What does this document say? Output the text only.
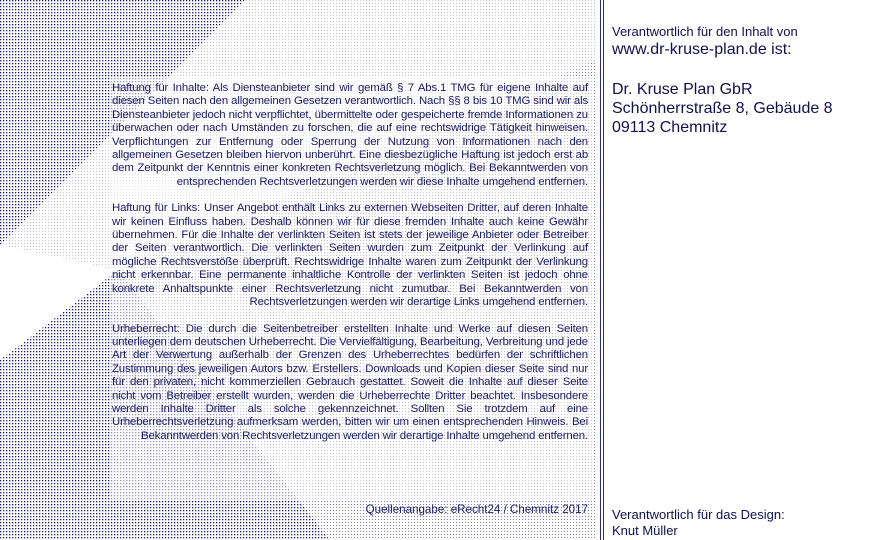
Haftung für Inhalte: Als Diensteanbieter sind wir gemäß § 7 Abs.1 TMG für eigene Inhalte auf diesen Seiten nach den allgemeinen Gesetzen verantwortlich. Nach §§ 8 bis 10 TMG sind wir als Diensteanbieter jedoch nicht verpflichtet, übermittelte oder gespeicherte fremde Informationen zu überwachen oder nach Umständen zu forschen, die auf eine rechtswidrige Tätigkeit hinweisen. Verpflichtungen zur Entfernung oder Sperrung der Nutzung von Informationen nach den allgemeinen Gesetzen bleiben hiervon unberührt. Eine diesbezügliche Haftung ist jedoch erst ab dem Zeitpunkt der Kenntnis einer konkreten Rechtsverletzung möglich. Bei Bekanntwerden von entsprechenden Rechtsverletzungen werden wir diese Inhalte umgehend entfernen.

Haftung für Links: Unser Angebot enthält Links zu externen Webseiten Dritter, auf deren Inhalte wir keinen Einfluss haben. Deshalb können wir für diese fremden Inhalte auch keine Gewähr übernehmen. Für die Inhalte der verlinkten Seiten ist stets der jeweilige Anbieter oder Betreiber der Seiten verantwortlich. Die verlinkten Seiten wurden zum Zeitpunkt der Verlinkung auf mögliche Rechtsverstöße überprüft. Rechtswidrige Inhalte waren zum Zeitpunkt der Verlinkung nicht erkennbar. Eine permanente inhaltliche Kontrolle der verlinkten Seiten ist jedoch ohne konkrete Anhaltspunkte einer Rechtsverletzung nicht zumutbar. Bei Bekanntwerden von Rechtsverletzungen werden wir derartige Links umgehend entfernen.

Urheberrecht: Die durch die Seitenbetreiber erstellten Inhalte und Werke auf diesen Seiten unterliegen dem deutschen Urheberrecht. Die Vervielfältigung, Bearbeitung, Verbreitung und jede Art der Verwertung außerhalb der Grenzen des Urheberrechtes bedürfen der schriftlichen Zustimmung des jeweiligen Autors bzw. Erstellers. Downloads und Kopien dieser Seite sind nur für den privaten, nicht kommerziellen Gebrauch gestattet. Soweit die Inhalte auf dieser Seite nicht vom Betreiber erstellt wurden, werden die Urheberrechte Dritter beachtet. Insbesondere werden Inhalte Dritter als solche gekennzeichnet. Sollten Sie trotzdem auf eine Urheberrechtsverletzung aufmerksam werden, bitten wir um einen entsprechenden Hinweis. Bei Bekanntwerden von Rechtsverletzungen werden wir derartige Inhalte umgehend entfernen.

Quellenangabe: eRecht24 / Chemnitz 2017
Verantwortlich für den Inhalt von
www.dr-kruse-plan.de ist:
Dr. Kruse Plan GbR
Schönherrstraße 8, Gebäude 8
09113 Chemnitz
Verantwortlich für das Design:
Knut Müller
